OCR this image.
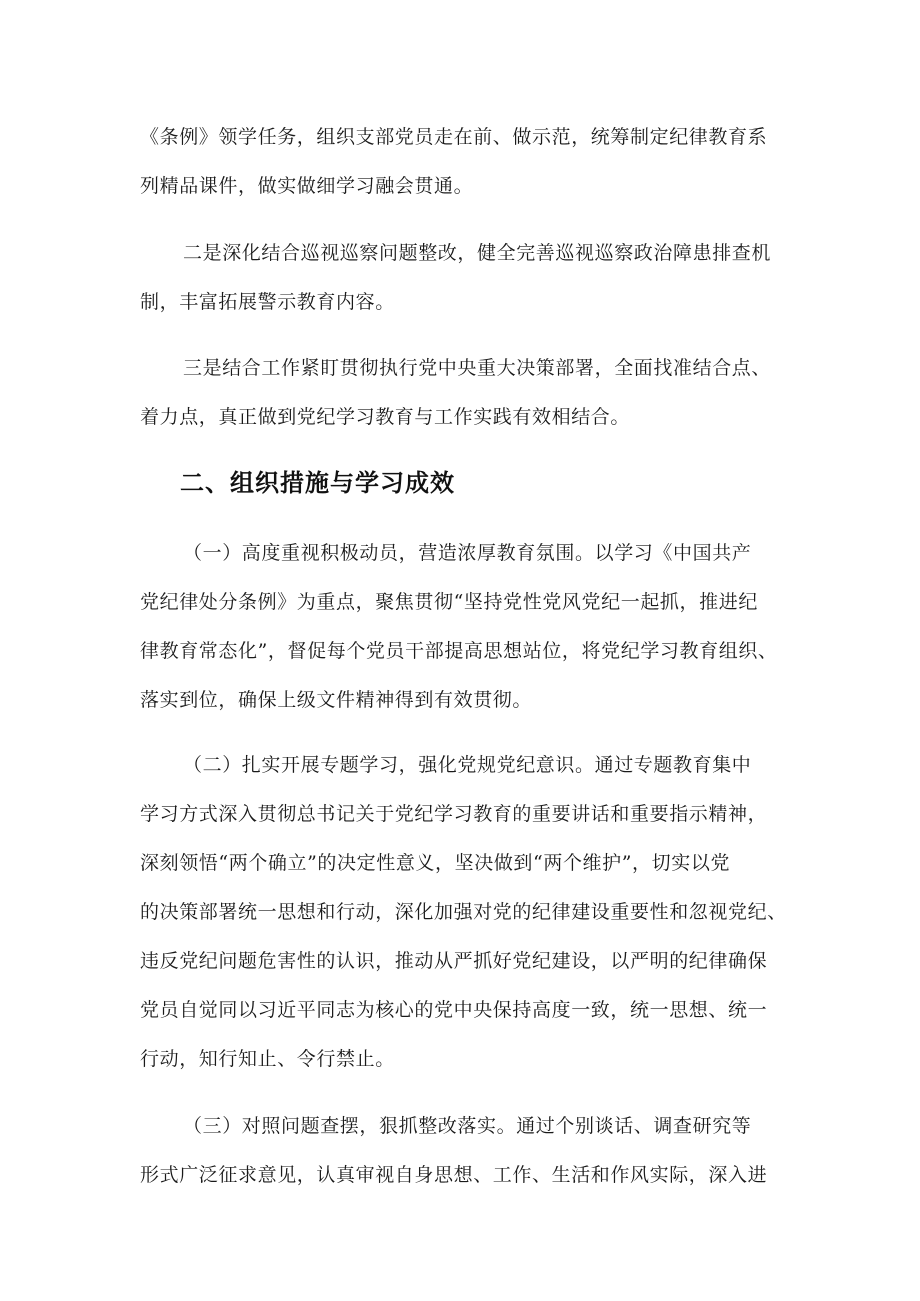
《条例》领学任务，组织支部党员走在前、做示范，统筹制定纪律教育系
列精品课件，做实做细学习融会贯通。
二是深化结合巡视巡察问题整改，健全完善巡视巡察政治障患排查机
制，丰富拓展警示教育内容。
三是结合工作紧盯贯彻执行党中央重大决策部署，全面找准结合点、
着力点，真正做到党纪学习教育与工作实践有效相结合。
二、组织措施与学习成效
（一）高度重视积极动员，营造浓厚教育氛围。以学习《中国共产
党纪律处分条例》为重点，聚焦贯彻“坚持党性党风党纪一起抓，推进纪
律教育常态化”，督促每个党员干部提高思想站位，将党纪学习教育组织、
落实到位，确保上级文件精神得到有效贯彻。
（二）扎实开展专题学习，强化党规党纪意识。通过专题教育集中
学习方式深入贯彻总书记关于党纪学习教育的重要讲话和重要指示精神，
深刻领悟“两个确立”的决定性意义，坚决做到“两个维护”，切实以党
的决策部署统一思想和行动，深化加强对党的纪律建设重要性和忽视党纪、
违反党纪问题危害性的认识，推动从严抓好党纪建设，以严明的纪律确保
党员自觉同以习近平同志为核心的党中央保持高度一致，统一思想、统一
行动，知行知止、令行禁止。
（三）对照问题查摆，狠抓整改落实。通过个别谈话、调查研究等
形式广泛征求意见，认真审视自身思想、工作、生活和作风实际，深入进
